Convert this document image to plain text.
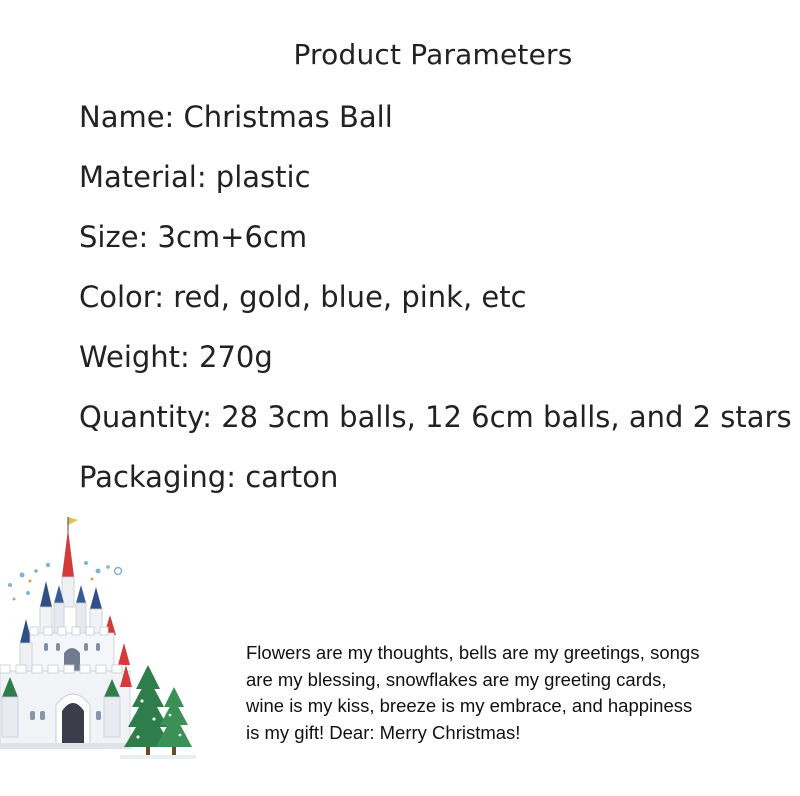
Product Parameters
Name: Christmas Ball
Material: plastic
Size: 3cm+6cm
Color: red, gold, blue, pink, etc
Weight: 270g
Quantity: 28 3cm balls, 12 6cm balls, and 2 stars
Packaging: carton
Flowers are my thoughts, bells are my greetings, songs
are my blessing, snowflakes are my greeting cards,
wine is my kiss, breeze is my embrace, and happiness
is my gift! Dear: Merry Christmas!
